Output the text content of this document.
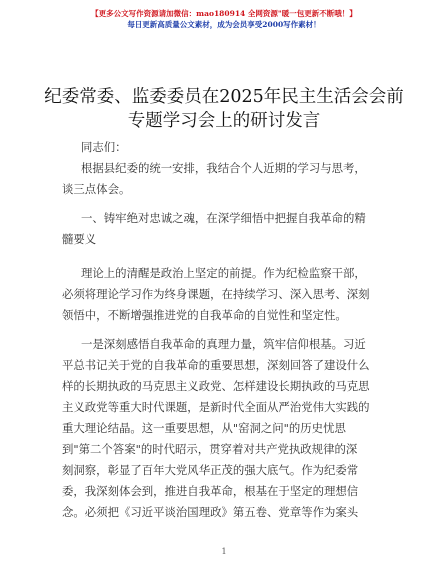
【更多公文写作资源请加微信：mao180914 全网资源"暖一包更新不断哦！】
每日更新高质量公文素材，成为会员享受2000写作素材！
纪委常委、监委委员在2025年民主生活会会前
专题学习会上的研讨发言
同志们：
根据县纪委的统一安排，我结合个人近期的学习与思考，
谈三点体会。
一、铸牢绝对忠诚之魂，在深学细悟中把握自我革命的精
髓要义
理论上的清醒是政治上坚定的前提。作为纪检监察干部，
必须将理论学习作为终身课题，在持续学习、深入思考、深刻
领悟中，不断增强推进党的自我革命的自觉性和坚定性。
一是深刻感悟自我革命的真理力量，筑牢信仰根基。习近
平总书记关于党的自我革命的重要思想，深刻回答了建设什么
样的长期执政的马克思主义政党、怎样建设长期执政的马克思
主义政党等重大时代课题，是新时代全面从严治党伟大实践的
重大理论结晶。这一重要思想，从"窑洞之问"的历史忧思
到"第二个答案"的时代昭示，贯穿着对共产党执政规律的深
刻洞察，彰显了百年大党风华正茂的强大底气。作为纪委常
委，我深刻体会到，推进自我革命，根基在于坚定的理想信
念。必须把《习近平谈治国理政》第五卷、党章等作为案头
1
